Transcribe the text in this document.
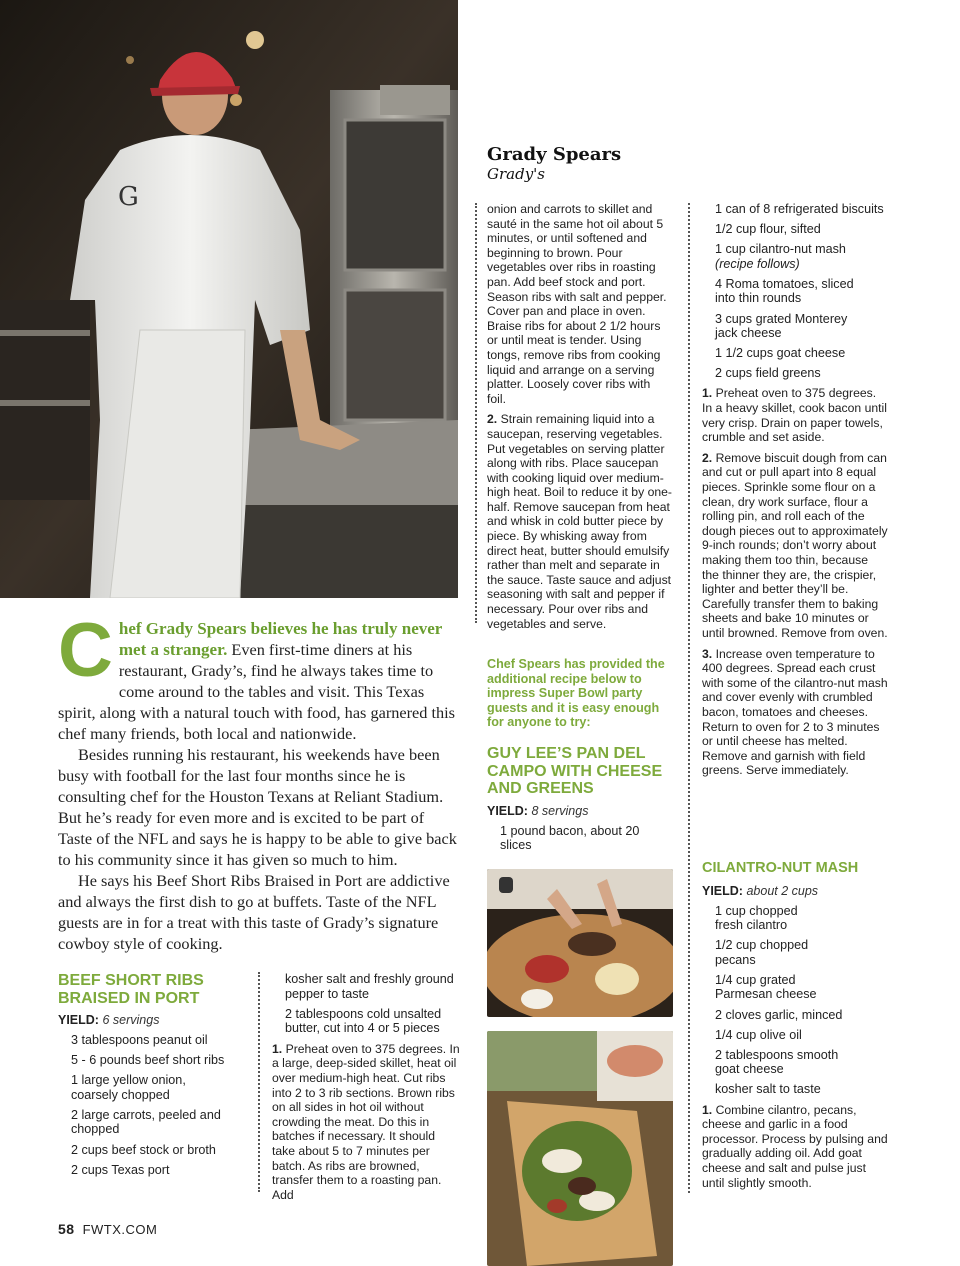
G
Grady Spears
Grady's

C hef Grady Spears believes he has truly never met a stranger. Even first-time diners at his restaurant, Grady’s, find he always takes time to come around to the tables and visit. This Texas spirit, along with a natural touch with food, has garnered this chef many friends, both local and nationwide.

Besides running his restaurant, his weekends have been busy with football for the last four months since he is consulting chef for the Houston Texans at Reliant Stadium. But he’s ready for even more and is excited to be part of Taste of the NFL and says he is happy to be able to give back to his community since it has given so much to him.

He says his Beef Short Ribs Braised in Port are addictive and always the first dish to go at buffets. Taste of the NFL guests are in for a treat with this taste of Grady’s signature cowboy style of cooking.

BEEF SHORT RIBS
BRAISED IN PORT
YIELD: 6 servings
3 tablespoons peanut oil
5 - 6 pounds beef short ribs
1 large yellow onion, coarsely chopped
2 large carrots, peeled and chopped
2 cups beef stock or broth
2 cups Texas port
kosher salt and freshly ground pepper to taste
2 tablespoons cold unsalted butter, cut into 4 or 5 pieces

1. Preheat oven to 375 degrees. In a large, deep-sided skillet, heat oil over medium-high heat. Cut ribs into 2 to 3 rib sections. Brown ribs on all sides in hot oil without crowding the meat. Do this in batches if necessary. It should take about 5 to 7 minutes per batch. As ribs are browned, transfer them to a roasting pan. Add

onion and carrots to skillet and sauté in the same hot oil about 5 minutes, or until softened and beginning to brown. Pour vegetables over ribs in roasting pan. Add beef stock and port. Season ribs with salt and pepper. Cover pan and place in oven. Braise ribs for about 2 1/2 hours or until meat is tender. Using tongs, remove ribs from cooking liquid and arrange on a serving platter. Loosely cover ribs with foil.

2. Strain remaining liquid into a saucepan, reserving vegetables. Put vegetables on serving platter along with ribs. Place saucepan with cooking liquid over medium-high heat. Boil to reduce it by one-half. Remove saucepan from heat and whisk in cold butter piece by piece. By whisking away from direct heat, butter should emulsify rather than melt and separate in the sauce. Taste sauce and adjust seasoning with salt and pepper if necessary. Pour over ribs and vegetables and serve.

Chef Spears has provided the additional recipe below to impress Super Bowl party guests and it is easy enough for anyone to try:
GUY LEE’S PAN DEL
CAMPO WITH CHEESE
AND GREENS
YIELD: 8 servings
1 pound bacon, about 20 slices
1 can of 8 refrigerated biscuits
1/2 cup flour, sifted
1 cup cilantro-nut mash
(recipe follows)
4 Roma tomatoes, sliced into thin rounds
3 cups grated Monterey jack cheese
1 1/2 cups goat cheese
2 cups field greens

1. Preheat oven to 375 degrees. In a heavy skillet, cook bacon until very crisp. Drain on paper towels, crumble and set aside.

2. Remove biscuit dough from can and cut or pull apart into 8 equal pieces. Sprinkle some flour on a clean, dry work surface, flour a rolling pin, and roll each of the dough pieces out to approximately 9-inch rounds; don’t worry about making them too thin, because the thinner they are, the crispier, lighter and better they’ll be. Carefully transfer them to baking sheets and bake 10 minutes or until browned. Remove from oven.

3. Increase oven temperature to 400 degrees. Spread each crust with some of the cilantro-nut mash and cover evenly with crumbled bacon, tomatoes and cheeses. Return to oven for 2 to 3 minutes or until cheese has melted. Remove and garnish with field greens. Serve immediately.

CILANTRO-NUT MASH
YIELD: about 2 cups
1 cup chopped fresh cilantro
1/2 cup chopped pecans
1/4 cup grated Parmesan cheese
2 cloves garlic, minced
1/4 cup olive oil
2 tablespoons smooth goat cheese
kosher salt to taste

1. Combine cilantro, pecans, cheese and garlic in a food processor. Process by pulsing and gradually adding oil. Add goat cheese and salt and pulse just until slightly smooth.

58 FWTX.COM
